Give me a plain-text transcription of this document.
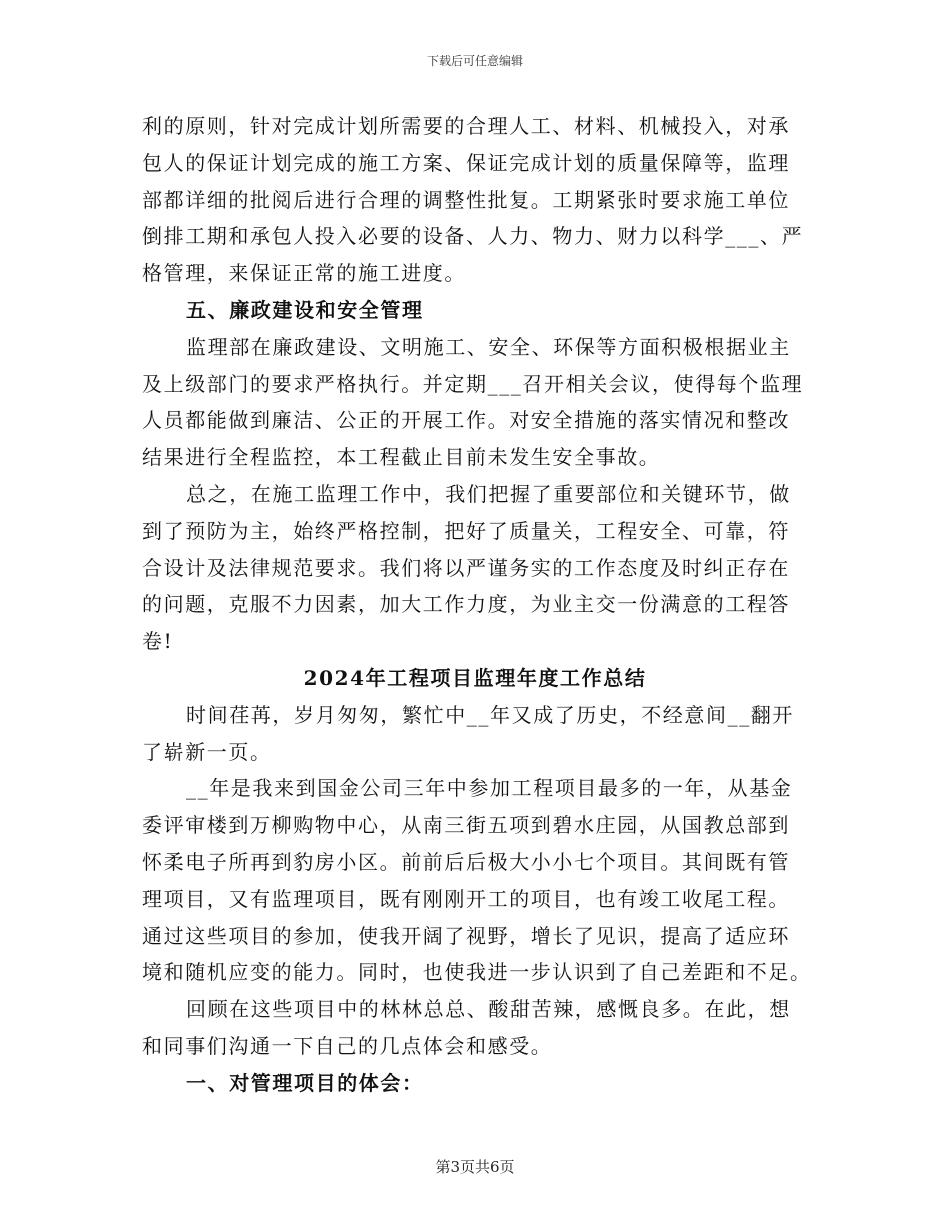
下载后可任意编辑
利的原则，针对完成计划所需要的合理人工、材料、机械投入，对承
包人的保证计划完成的施工方案、保证完成计划的质量保障等，监理
部都详细的批阅后进行合理的调整性批复。工期紧张时要求施工单位
倒排工期和承包人投入必要的设备、人力、物力、财力以科学___、严
格管理，来保证正常的施工进度。
五、廉政建设和安全管理
监理部在廉政建设、文明施工、安全、环保等方面积极根据业主
及上级部门的要求严格执行。并定期___召开相关会议，使得每个监理
人员都能做到廉洁、公正的开展工作。对安全措施的落实情况和整改
结果进行全程监控，本工程截止目前未发生安全事故。
总之，在施工监理工作中，我们把握了重要部位和关键环节，做
到了预防为主，始终严格控制，把好了质量关，工程安全、可靠，符
合设计及法律规范要求。我们将以严谨务实的工作态度及时纠正存在
的问题，克服不力因素，加大工作力度，为业主交一份满意的工程答
卷!
2024年工程项目监理年度工作总结
时间荏苒，岁月匆匆，繁忙中__年又成了历史，不经意间__翻开
了崭新一页。
__年是我来到国金公司三年中参加工程项目最多的一年，从基金
委评审楼到万柳购物中心，从南三街五项到碧水庄园，从国教总部到
怀柔电子所再到豹房小区。前前后后极大小小七个项目。其间既有管
理项目，又有监理项目，既有刚刚开工的项目，也有竣工收尾工程。
通过这些项目的参加，使我开阔了视野，增长了见识，提高了适应环
境和随机应变的能力。同时，也使我进一步认识到了自己差距和不足。
回顾在这些项目中的林林总总、酸甜苦辣，感慨良多。在此，想
和同事们沟通一下自己的几点体会和感受。
一、对管理项目的体会：
第3页共6页
